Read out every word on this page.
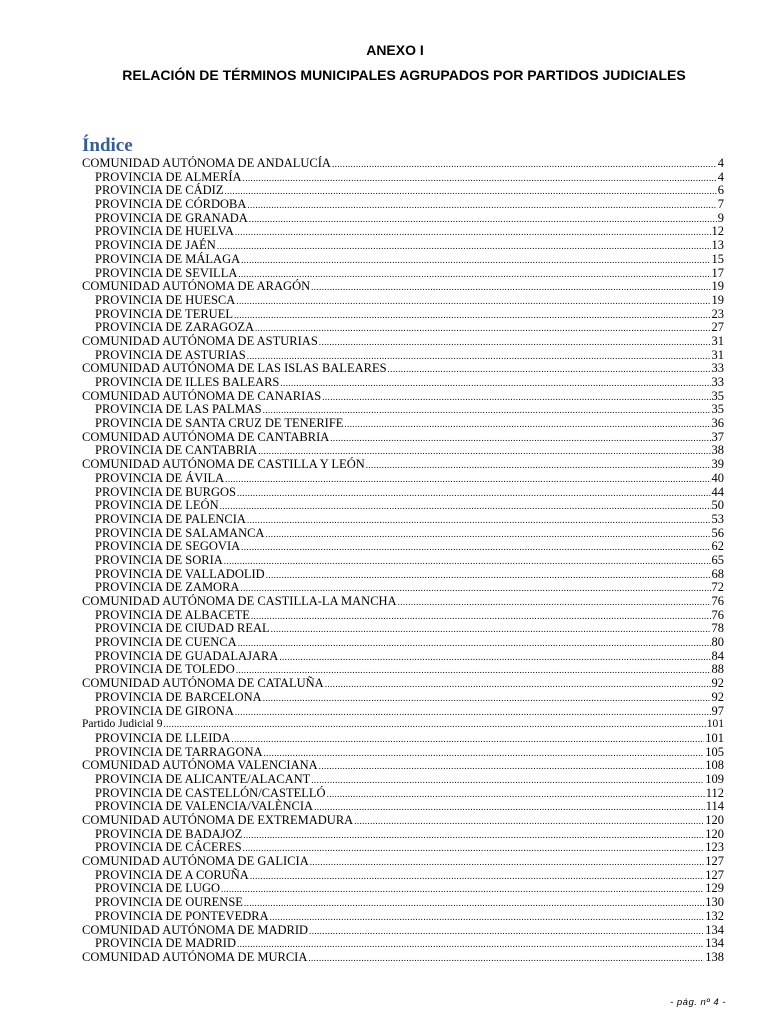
ANEXO I
RELACIÓN DE TÉRMINOS MUNICIPALES AGRUPADOS POR PARTIDOS JUDICIALES
Índice
COMUNIDAD AUTÓNOMA DE ANDALUCÍA .....	4
PROVINCIA DE ALMERÍA .....	4
PROVINCIA DE CÁDIZ .....	6
PROVINCIA DE CÓRDOBA .....	7
PROVINCIA DE GRANADA .....	9
PROVINCIA DE HUELVA .....	12
PROVINCIA DE JAÉN .....	13
PROVINCIA DE MÁLAGA .....	15
PROVINCIA DE SEVILLA .....	17
COMUNIDAD AUTÓNOMA DE ARAGÓN .....	19
PROVINCIA DE HUESCA .....	19
PROVINCIA DE TERUEL .....	23
PROVINCIA DE ZARAGOZA .....	27
COMUNIDAD AUTÓNOMA DE ASTURIAS .....	31
PROVINCIA DE ASTURIAS .....	31
COMUNIDAD AUTÓNOMA DE LAS ISLAS BALEARES .....	33
PROVINCIA DE ILLES BALEARS .....	33
COMUNIDAD AUTÓNOMA DE CANARIAS .....	35
PROVINCIA DE LAS PALMAS .....	35
PROVINCIA DE SANTA CRUZ DE TENERIFE .....	36
COMUNIDAD AUTÓNOMA DE CANTABRIA .....	37
PROVINCIA DE CANTABRIA .....	38
COMUNIDAD AUTÓNOMA DE CASTILLA Y LEÓN .....	39
PROVINCIA DE ÁVILA .....	40
PROVINCIA DE BURGOS .....	44
PROVINCIA DE LEÓN .....	50
PROVINCIA DE PALENCIA .....	53
PROVINCIA DE SALAMANCA .....	56
PROVINCIA DE SEGOVIA .....	62
PROVINCIA DE SORIA .....	65
PROVINCIA DE VALLADOLID .....	68
PROVINCIA DE ZAMORA .....	72
COMUNIDAD AUTÓNOMA DE CASTILLA-LA MANCHA .....	76
PROVINCIA DE ALBACETE .....	76
PROVINCIA DE CIUDAD REAL .....	78
PROVINCIA DE CUENCA .....	80
PROVINCIA DE GUADALAJARA .....	84
PROVINCIA DE TOLEDO .....	88
COMUNIDAD AUTÓNOMA DE CATALUÑA .....	92
PROVINCIA DE BARCELONA .....	92
PROVINCIA DE GIRONA .....	97
Partido Judicial 9 .....	101
PROVINCIA DE LLEIDA .....	101
PROVINCIA DE TARRAGONA .....	105
COMUNIDAD AUTÓNOMA VALENCIANA .....	108
PROVINCIA DE ALICANTE/ALACANT .....	109
PROVINCIA DE CASTELLÓN/CASTELLÓ .....	112
PROVINCIA DE VALENCIA/VALÈNCIA .....	114
COMUNIDAD AUTÓNOMA DE EXTREMADURA .....	120
PROVINCIA DE BADAJOZ .....	120
PROVINCIA DE CÁCERES .....	123
COMUNIDAD AUTÓNOMA DE GALICIA .....	127
PROVINCIA DE A CORUÑA .....	127
PROVINCIA DE LUGO .....	129
PROVINCIA DE OURENSE .....	130
PROVINCIA DE PONTEVEDRA .....	132
COMUNIDAD AUTÓNOMA DE MADRID .....	134
PROVINCIA DE MADRID .....	134
COMUNIDAD AUTÓNOMA DE MURCIA .....	138
- pág. nº 4 -
